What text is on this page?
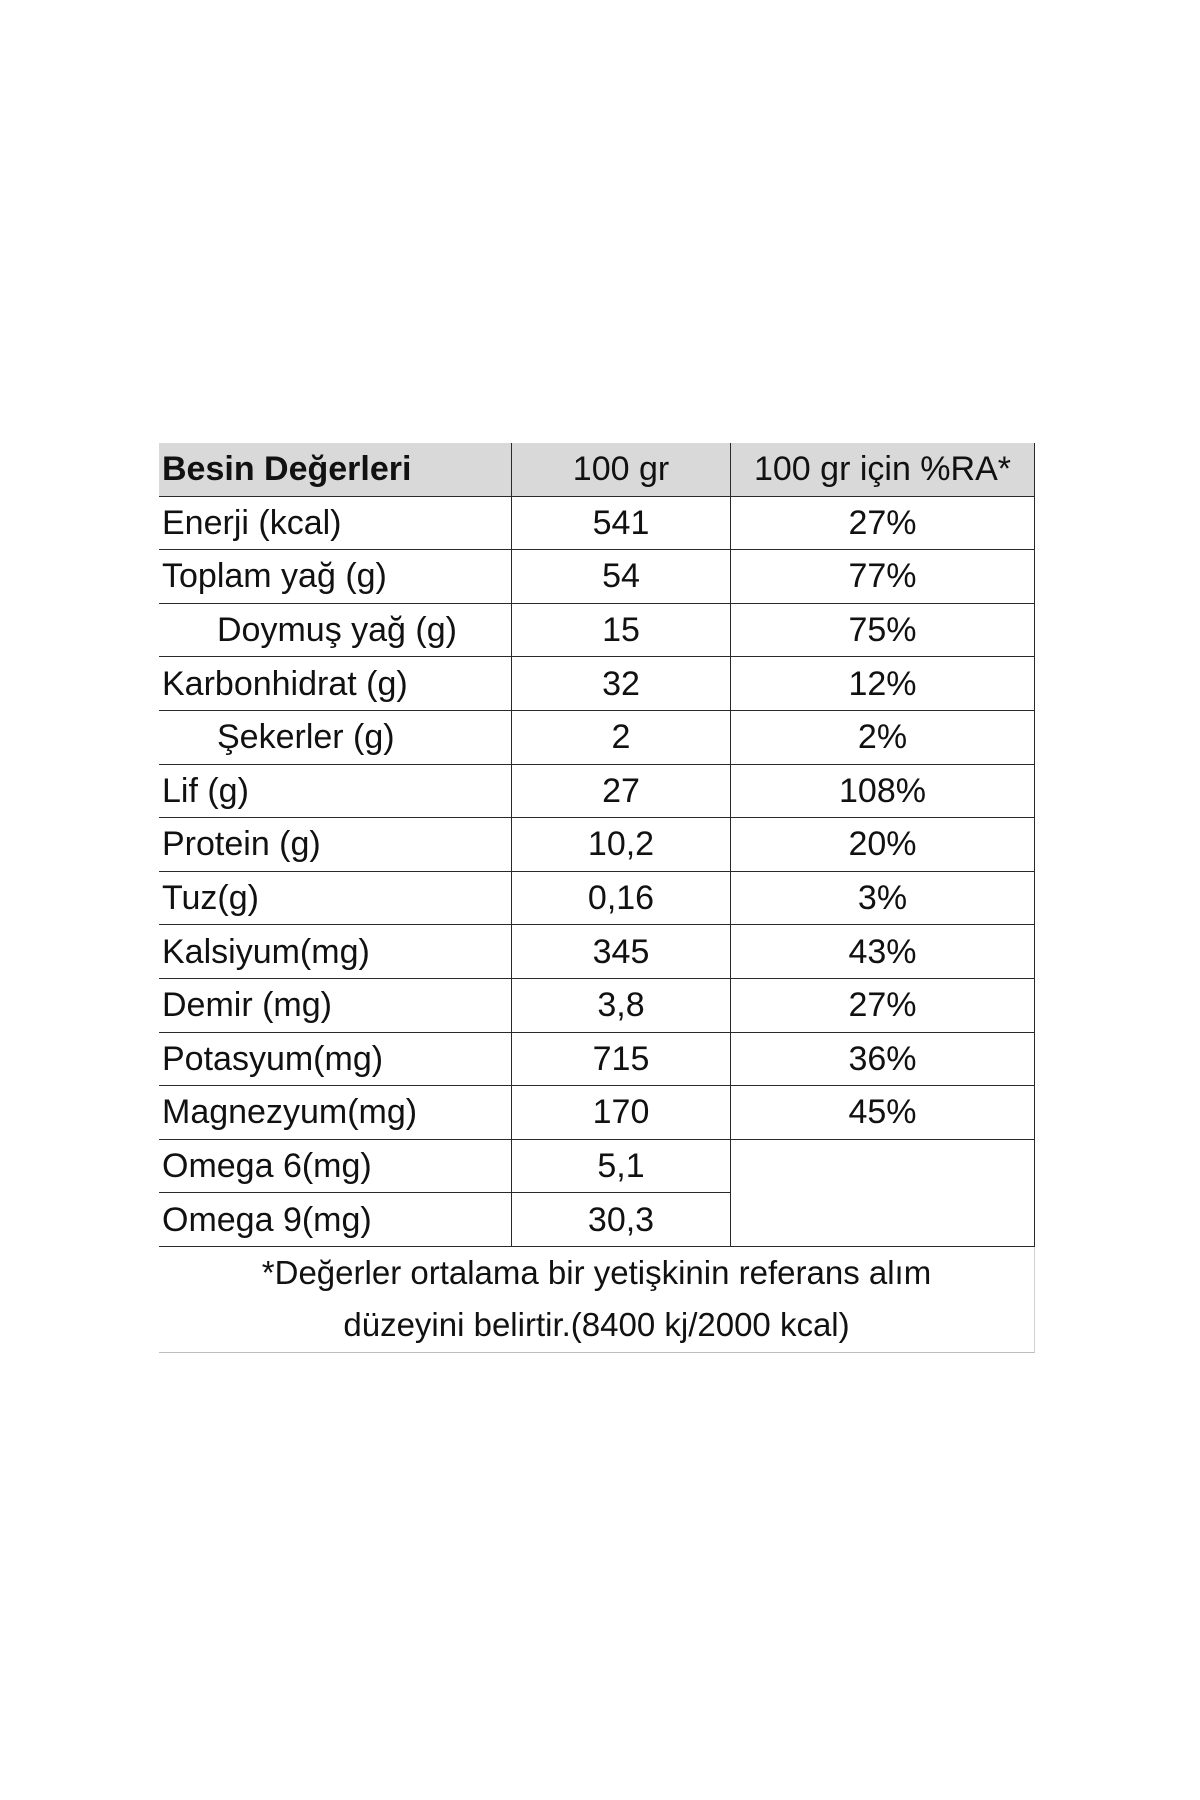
Besin Değerleri	100 gr	100 gr için %RA*
Enerji (kcal)	541	27%
Toplam yağ (g)	54	77%
Doymuş yağ (g)	15	75%
Karbonhidrat (g)	32	12%
Şekerler (g)	2	2%
Lif (g)	27	108%
Protein (g)	10,2	20%
Tuz(g)	0,16	3%
Kalsiyum(mg)	345	43%
Demir (mg)	3,8	27%
Potasyum(mg)	715	36%
Magnezyum(mg)	170	45%
Omega 6(mg)	5,1
Omega 9(mg)	30,3
*Değerler ortalama bir yetişkinin referans alım
düzeyini belirtir.(8400 kj/2000 kcal)
